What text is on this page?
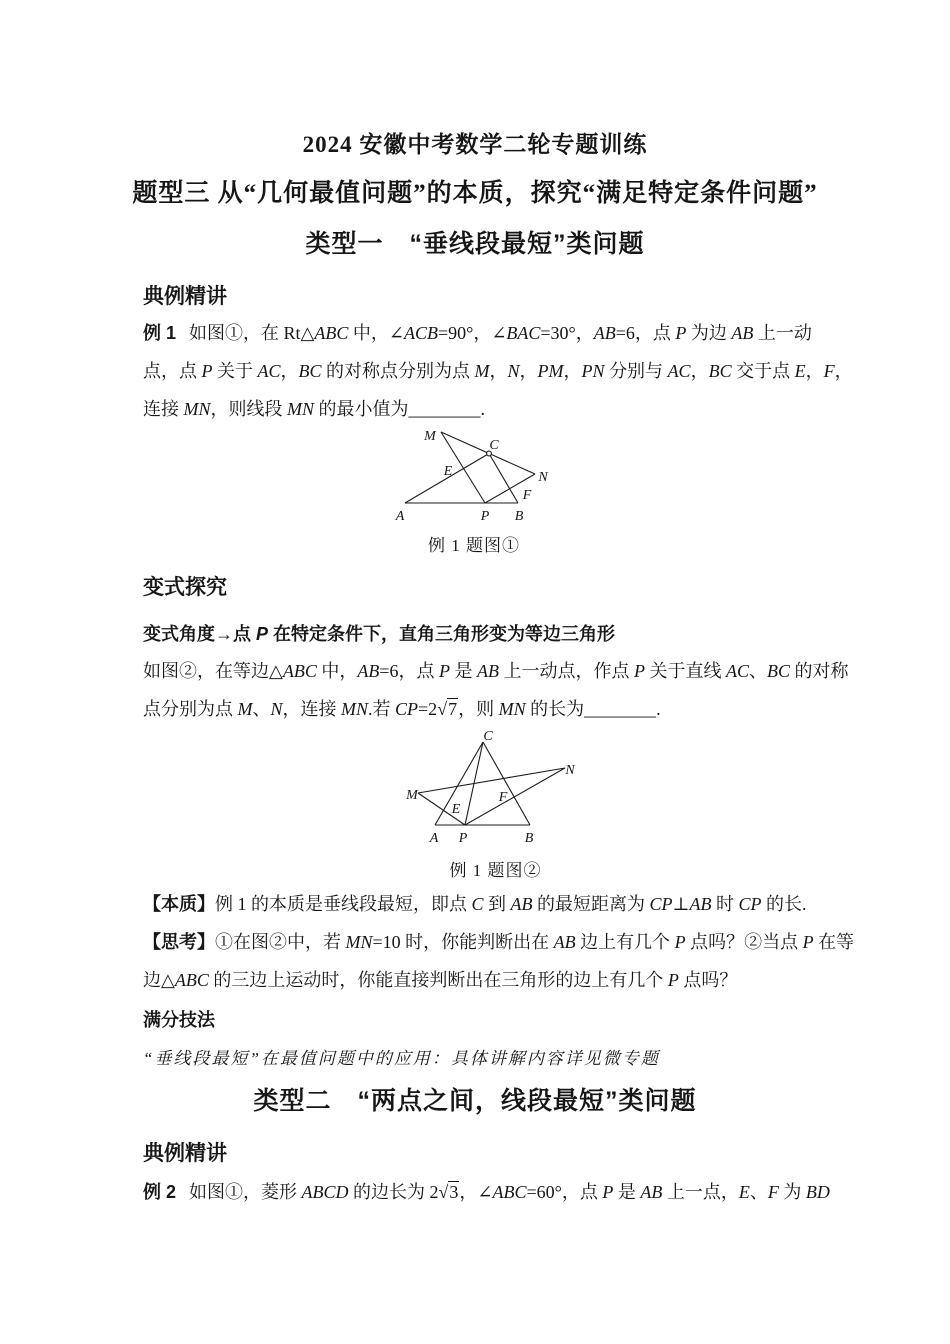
2024 安徽中考数学二轮专题训练
题型三 从“几何最值问题”的本质，探究“满足特定条件问题”
类型一　“垂线段最短”类问题
典例精讲
例 1 如图①，在 Rt△ABC 中，∠ACB=90°，∠BAC=30°，AB=6，点 P 为边 AB 上一动
点，点 P 关于 AC，BC 的对称点分别为点 M，N，PM，PN 分别与 AC，BC 交于点 E，F，
连接 MN，则线段 MN 的最小值为________.
M
C
E	N
F
A	P B
例 1 题图①
变式探究
变式角度→点 P 在特定条件下，直角三角形变为等边三角形
如图②，在等边△ABC 中，AB=6，点 P 是 AB 上一动点，作点 P 关于直线 AC、BC 的对称
点分别为点 M、N，连接 MN.若 CP=2√7，则 MN 的长为________.
C
N
M	F
E
A P	B
例 1 题图②
【本质】例 1 的本质是垂线段最短，即点 C 到 AB 的最短距离为 CP⊥AB 时 CP 的长.
【思考】①在图②中，若 MN=10 时，你能判断出在 AB 边上有几个 P 点吗？②当点 P 在等
边△ABC 的三边上运动时，你能直接判断出在三角形的边上有几个 P 点吗？
满分技法
“垂线段最短”在最值问题中的应用：具体讲解内容详见微专题
类型二　“两点之间，线段最短”类问题
典例精讲
例 2 如图①，菱形 ABCD 的边长为 2√3，∠ABC=60°，点 P 是 AB 上一点，E、F 为 BD
